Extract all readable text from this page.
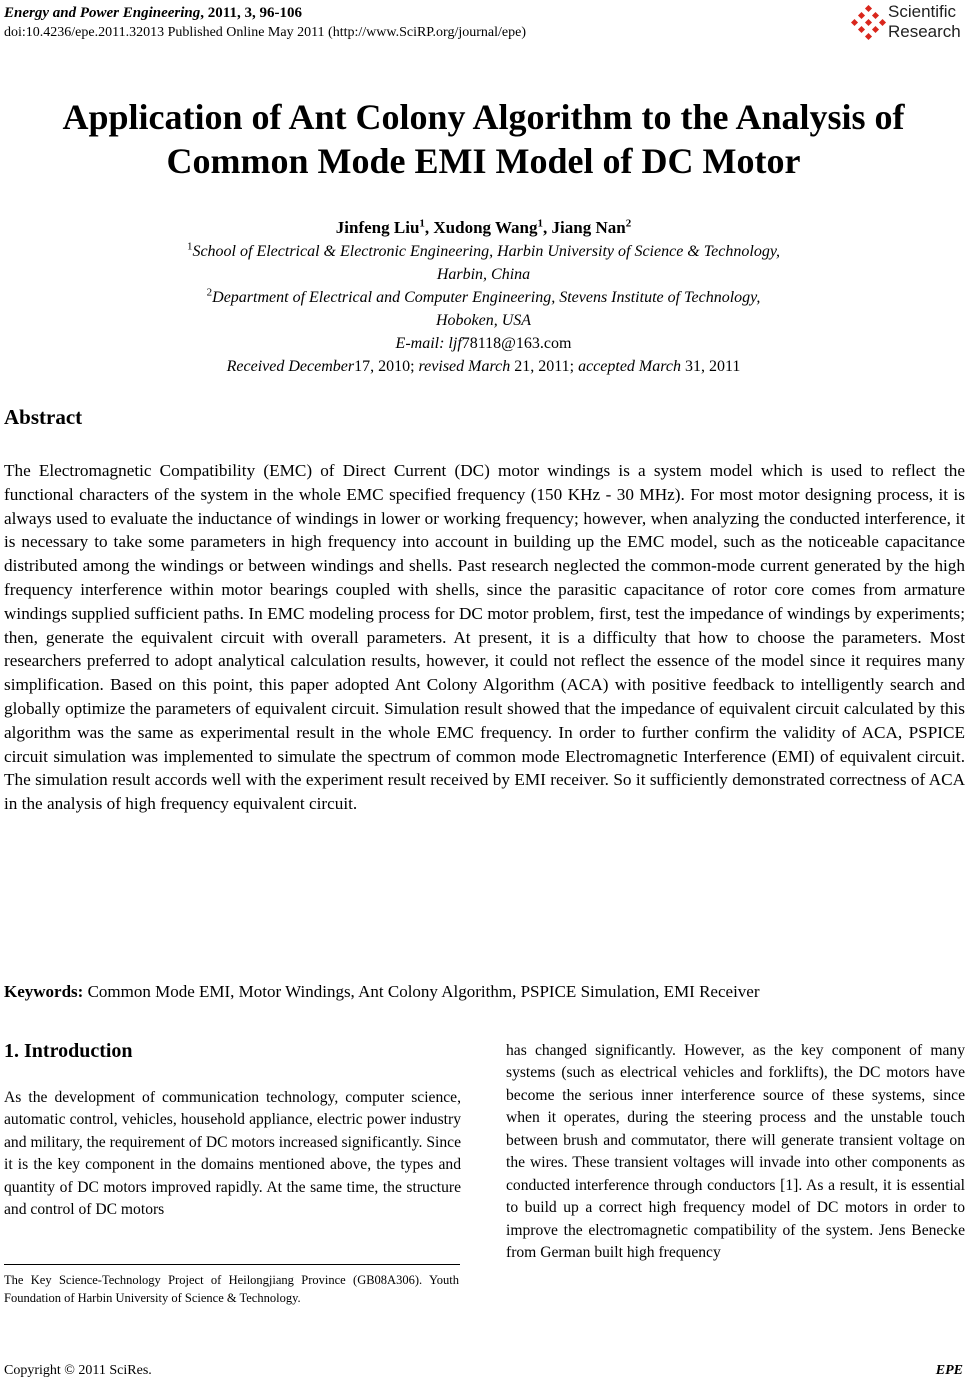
Energy and Power Engineering, 2011, 3, 96-106
doi:10.4236/epe.2011.32013 Published Online May 2011 (http://www.SciRP.org/journal/epe)
Scientific
Research
Application of Ant Colony Algorithm to the Analysis of
Common Mode EMI Model of DC Motor
Jinfeng Liu$^1$, Xudong Wang$^1$, Jiang Nan$^2$
$^1$School of Electrical & Electronic Engineering, Harbin University of Science & Technology,
Harbin, China
$^2$Department of Electrical and Computer Engineering, Stevens Institute of Technology,
Hoboken, USA
E-mail: ljf78118@163.com
Received December17, 2010; revised March 21, 2011; accepted March 31, 2011
Abstract

The Electromagnetic Compatibility (EMC) of Direct Current (DC) motor windings is a system model which is used to reflect the functional characters of the system in the whole EMC specified frequency (150 KHz - 30 MHz). For most motor designing process, it is always used to evaluate the inductance of windings in lower or working frequency; however, when analyzing the conducted interference, it is necessary to take some parameters in high frequency into account in building up the EMC model, such as the noticeable capacitance distributed among the windings or between windings and shells. Past research neglected the common-mode current generated by the high frequency interference within motor bearings coupled with shells, since the parasitic capacitance of rotor core comes from armature windings supplied sufficient paths. In EMC modeling process for DC motor problem, first, test the impedance of windings by experiments; then, generate the equivalent circuit with overall parameters. At present, it is a difficulty that how to choose the parameters. Most researchers preferred to adopt analytical calculation results, however, it could not reflect the essence of the model since it requires many simplification. Based on this point, this paper adopted Ant Colony Algorithm (ACA) with positive feedback to intelligently search and globally optimize the parameters of equivalent circuit. Simulation result showed that the impedance of equivalent circuit calculated by this algorithm was the same as experimental result in the whole EMC frequency. In order to further confirm the validity of ACA, PSPICE circuit simulation was implemented to simulate the spectrum of common mode Electromagnetic Interference (EMI) of equivalent circuit. The simulation result accords well with the experiment result received by EMI receiver. So it sufficiently demonstrated correctness of ACA in the analysis of high frequency equivalent circuit.

Keywords: Common Mode EMI, Motor Windings, Ant Colony Algorithm, PSPICE Simulation, EMI Receiver
1. Introduction

As the development of communication technology, computer science, automatic control, vehicles, household appliance, electric power industry and military, the requirement of DC motors increased significantly. Since it is the key component in the domains mentioned above, the types and quantity of DC motors improved rapidly. At the same time, the structure and control of DC motors

has changed significantly. However, as the key component of many systems (such as electrical vehicles and forklifts), the DC motors have become the serious inner interference source of these systems, since when it operates, during the steering process and the unstable touch between brush and commutator, there will generate transient voltage on the wires. These transient voltages will invade into other components as conducted interference through conductors [1]. As a result, it is essential to build up a correct high frequency model of DC motors in order to improve the electromagnetic compatibility of the system. Jens Benecke from German built high frequency

The Key Science-Technology Project of Heilongjiang Province (GB08A306). Youth Foundation of Harbin University of Science & Technology.

Copyright © 2011 SciRes.	EPE
